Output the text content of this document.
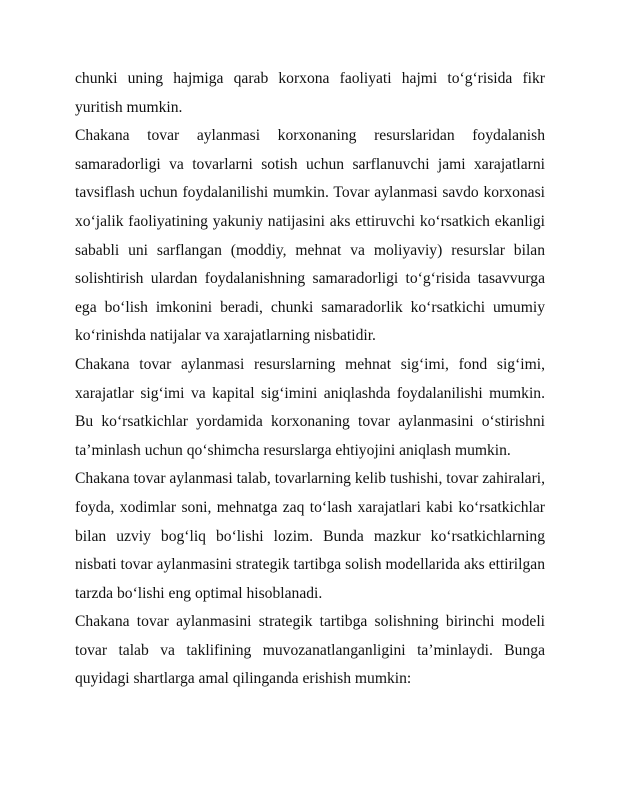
chunki uning hajmiga qarab korxona faoliyati hajmi to‘g‘risida fikr yuritish mumkin.

Chakana tovar aylanmasi korxonaning resurslaridan foydalanish samaradorligi va tovarlarni sotish uchun sarflanuvchi jami xarajatlarni tavsiflash uchun foydalanilishi mumkin. Tovar aylanmasi savdo korxonasi xo‘jalik faoliyatining yakuniy natijasini aks ettiruvchi ko‘rsatkich ekanligi sababli uni sarflangan (moddiy, mehnat va moliyaviy) resurslar bilan solishtirish ulardan foydalanishning samaradorligi to‘g‘risida tasavvurga ega bo‘lish imkonini beradi, chunki samaradorlik ko‘rsatkichi umumiy ko‘rinishda natijalar va xarajatlarning nisbatidir.

Chakana tovar aylanmasi resurslarning mehnat sig‘imi, fond sig‘imi, xarajatlar sig‘imi va kapital sig‘imini aniqlashda foydalanilishi mumkin. Bu ko‘rsatkichlar yordamida korxonaning tovar aylanmasini o‘stirishni ta’minlash uchun qo‘shimcha resurslarga ehtiyojini aniqlash mumkin.

Chakana tovar aylanmasi talab, tovarlarning kelib tushishi, tovar zahiralari, foyda, xodimlar soni, mehnatga zaq to‘lash xarajatlari kabi ko‘rsatkichlar bilan uzviy bog‘liq bo‘lishi lozim. Bunda mazkur ko‘rsatkichlarning nisbati tovar aylanmasini strategik tartibga solish modellarida aks ettirilgan tarzda bo‘lishi eng optimal hisoblanadi.

Chakana tovar aylanmasini strategik tartibga solishning birinchi modeli tovar talab va taklifining muvozanatlanganligini ta’minlaydi. Bunga quyidagi shartlarga amal qilinganda erishish mumkin:
